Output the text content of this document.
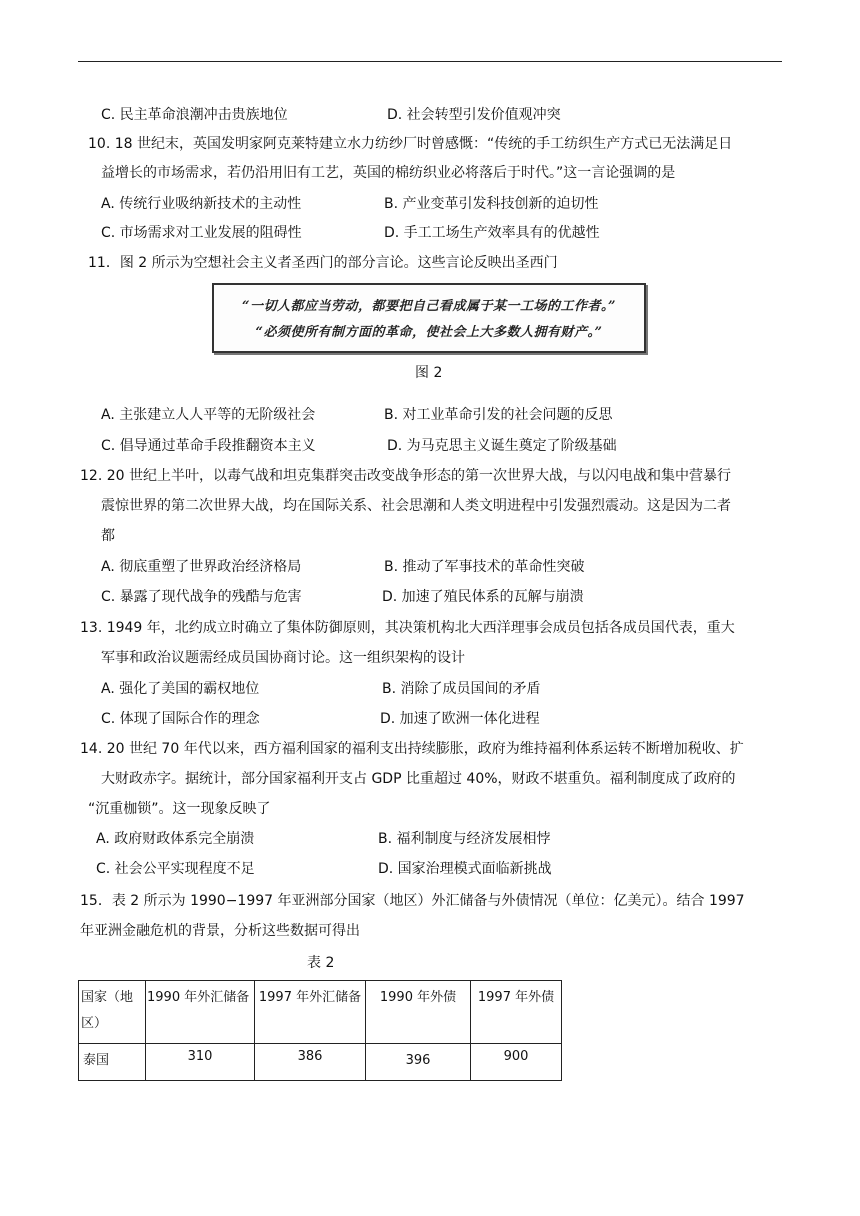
C. 民主革命浪潮冲击贵族地位	D. 社会转型引发价值观冲突
10. 18 世纪末，英国发明家阿克莱特建立水力纺纱厂时曾感慨：“传统的手工纺织生产方式已无法满足日
益增长的市场需求，若仍沿用旧有工艺，英国的棉纺织业必将落后于时代。”这一言论强调的是
A. 传统行业吸纳新技术的主动性	B. 产业变革引发科技创新的迫切性
C. 市场需求对工业发展的阻碍性	D. 手工工场生产效率具有的优越性
11．图 2 所示为空想社会主义者圣西门的部分言论。这些言论反映出圣西门
“一切人都应当劳动，都要把自己看成属于某一工场的工作者。”
“必须使所有制方面的革命，使社会上大多数人拥有财产。”
图 2
A. 主张建立人人平等的无阶级社会	B. 对工业革命引发的社会问题的反思
C. 倡导通过革命手段推翻资本主义	D. 为马克思主义诞生奠定了阶级基础
12. 20 世纪上半叶，以毒气战和坦克集群突击改变战争形态的第一次世界大战，与以闪电战和集中营暴行
震惊世界的第二次世界大战，均在国际关系、社会思潮和人类文明进程中引发强烈震动。这是因为二者
都
A. 彻底重塑了世界政治经济格局	B. 推动了军事技术的革命性突破
C. 暴露了现代战争的残酷与危害	D. 加速了殖民体系的瓦解与崩溃
13. 1949 年，北约成立时确立了集体防御原则，其决策机构北大西洋理事会成员包括各成员国代表，重大
军事和政治议题需经成员国协商讨论。这一组织架构的设计
A. 强化了美国的霸权地位	B. 消除了成员国间的矛盾
C. 体现了国际合作的理念	D. 加速了欧洲一体化进程
14. 20 世纪 70 年代以来，西方福利国家的福利支出持续膨胀，政府为维持福利体系运转不断增加税收、扩
大财政赤字。据统计，部分国家福利开支占 GDP 比重超过 40%，财政不堪重负。福利制度成了政府的
“沉重枷锁”。这一现象反映了
A. 政府财政体系完全崩溃	B. 福利制度与经济发展相悖
C. 社会公平实现程度不足	D. 国家治理模式面临新挑战
15．表 2 所示为 1990−1997 年亚洲部分国家（地区）外汇储备与外债情况（单位：亿美元）。结合 1997
年亚洲金融危机的背景，分析这些数据可得出
表 2
国家（地区）	1990 年外汇储备	1997 年外汇储备	1990 年外债	1997 年外债

泰国	310	386	396	900
